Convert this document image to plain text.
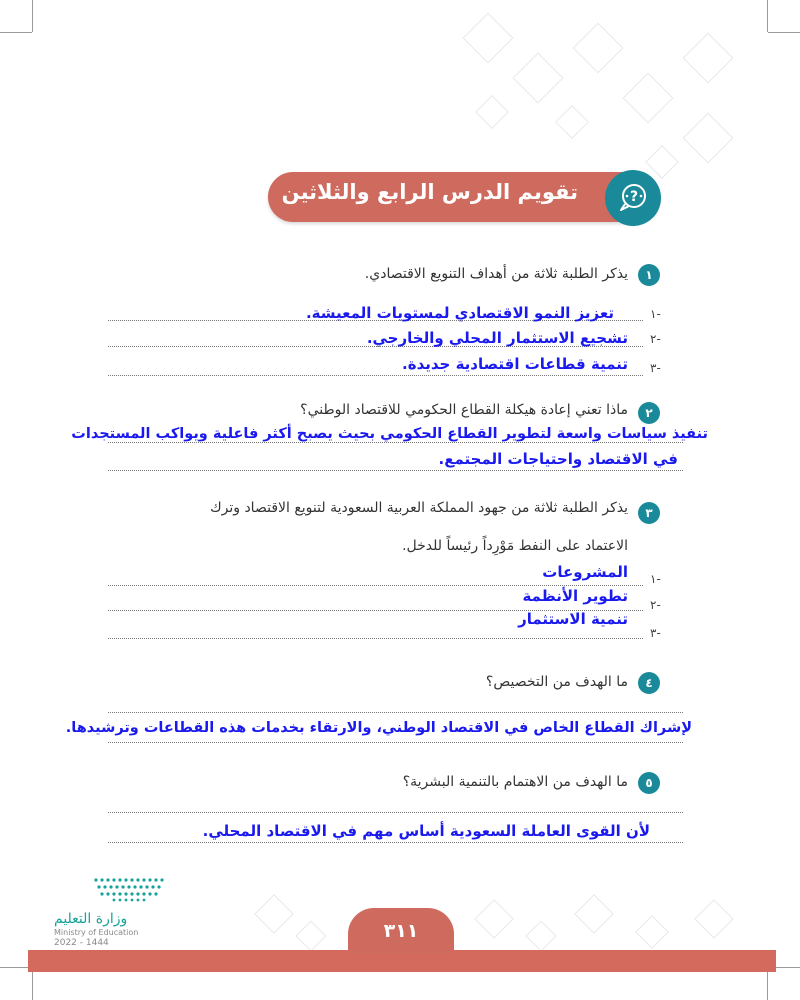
?
تقويم الدرس الرابع والثلاثين
١
يذكر الطلبة ثلاثة من أهداف التنويع الاقتصادي.
-١
تعزيز النمو الاقتصادي لمستويات المعيشة.
-٢
تشجيع الاستثمار المحلي والخارجي.
-٣
تنمية قطاعات اقتصادية جديدة.
٢
ماذا تعني إعادة هيكلة القطاع الحكومي للاقتصاد الوطني؟
تنفيذ سياسات واسعة لتطوير القطاع الحكومي بحيث يصبح أكثر فاعلية ويواكب المستجدات
في الاقتصاد واحتياجات المجتمع.
٣
يذكر الطلبة ثلاثة من جهود المملكة العربية السعودية لتنويع الاقتصاد وترك
الاعتماد على النفط مَوْرِداً رئيساً للدخل.
-١
المشروعات
-٢
تطوير الأنظمة
-٣
تنمية الاستثمار
٤
ما الهدف من التخصيص؟
لإشراك القطاع الخاص في الاقتصاد الوطني، والارتقاء بخدمات هذه القطاعات وترشيدها.
٥
ما الهدف من الاهتمام بالتنمية البشرية؟
لأن القوى العاملة السعودية أساس مهم في الاقتصاد المحلي.
وزارة التعليم
Ministry of Education
2022 - 1444
٣١١
